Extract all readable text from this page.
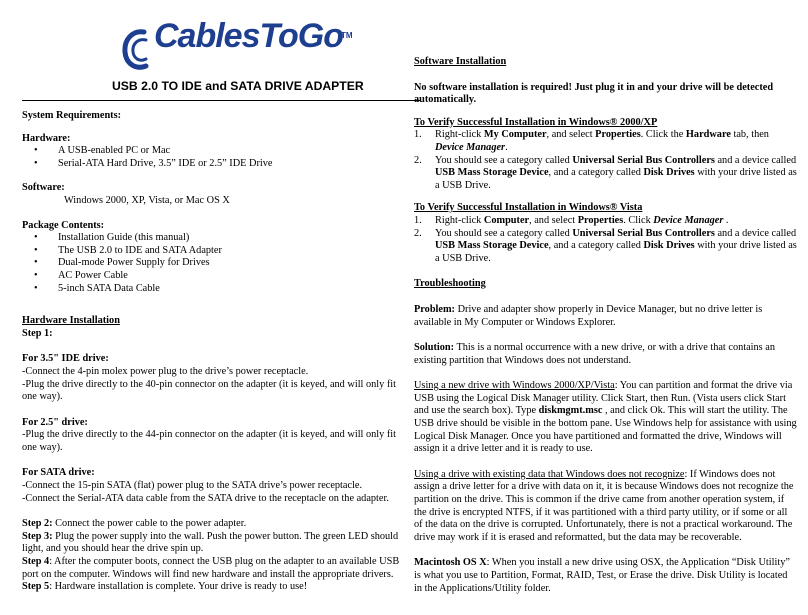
CablesToGo
TM
USB 2.0 TO IDE and SATA DRIVE ADAPTER

System Requirements:

Hardware:

• A USB-enabled PC or Mac
• Serial-ATA Hard Drive, 3.5” IDE or 2.5” IDE Drive

Software:

Windows 2000, XP, Vista, or Mac OS X

Package Contents:

• Installation Guide (this manual)
• The USB 2.0 to IDE and SATA Adapter
• Dual-mode Power Supply for Drives
• AC Power Cable
• 5-inch SATA Data Cable

Hardware Installation

Step 1:

For 3.5" IDE drive:

-Connect the 4-pin molex power plug to the drive’s power receptacle.

-Plug the drive directly to the 40-pin connector on the adapter (it is keyed, and will only fit one way).

For 2.5" drive:

-Plug the drive directly to the 44-pin connector on the adapter (it is keyed, and will only fit one way).

For SATA drive:

-Connect the 15-pin SATA (flat) power plug to the SATA drive’s power receptacle.

-Connect the Serial-ATA data cable from the SATA drive to the receptacle on the adapter.

Step 2: Connect the power cable to the power adapter.

Step 3: Plug the power supply into the wall. Push the power button. The green LED should light, and you should hear the drive spin up.

Step 4: After the computer boots, connect the USB plug on the adapter to an available USB port on the computer. Windows will find new hardware and install the appropriate drivers.

Step 5: Hardware installation is complete. Your drive is ready to use!

Software Installation

No software installation is required! Just plug it in and your drive will be detected automatically.

To Verify Successful Installation in Windows® 2000/XP

1. Right-click My Computer, and select Properties. Click the Hardware tab, then Device Manager.
2. You should see a category called Universal Serial Bus Controllers and a device called USB Mass Storage Device, and a category called Disk Drives with your drive listed as a USB Drive.

To Verify Successful Installation in Windows® Vista

1. Right-click Computer, and select Properties. Click Device Manager .
2. You should see a category called Universal Serial Bus Controllers and a device called USB Mass Storage Device, and a category called Disk Drives with your drive listed as a USB Drive.

Troubleshooting

Problem: Drive and adapter show properly in Device Manager, but no drive letter is available in My Computer or Windows Explorer.

Solution: This is a normal occurrence with a new drive, or with a drive that contains an existing partition that Windows does not understand.

Using a new drive with Windows 2000/XP/Vista: You can partition and format the drive via USB using the Logical Disk Manager utility. Click Start, then Run. (Vista users click Start and use the search box). Type diskmgmt.msc , and click Ok. This will start the utility. The USB drive should be visible in the bottom pane. Use Windows help for assistance with using Logical Disk Manager. Once you have partitioned and formatted the drive, Windows will assign it a drive letter and it is ready to use.

Using a drive with existing data that Windows does not recognize: If Windows does not assign a drive letter for a drive with data on it, it is because Windows does not recognize the partition on the drive. This is common if the drive came from another operation system, if the drive is encrypted NTFS, if it was partitioned with a third party utility, or if some or all of the data on the drive is corrupted. Unfortunately, there is not a practical workaround. The drive may work if it is erased and reformatted, but the data may be recoverable.

Macintosh OS X: When you install a new drive using OSX, the Application “Disk Utility” is what you use to Partition, Format, RAID, Test, or Erase the drive. Disk Utility is located in the Applications/Utility folder.
